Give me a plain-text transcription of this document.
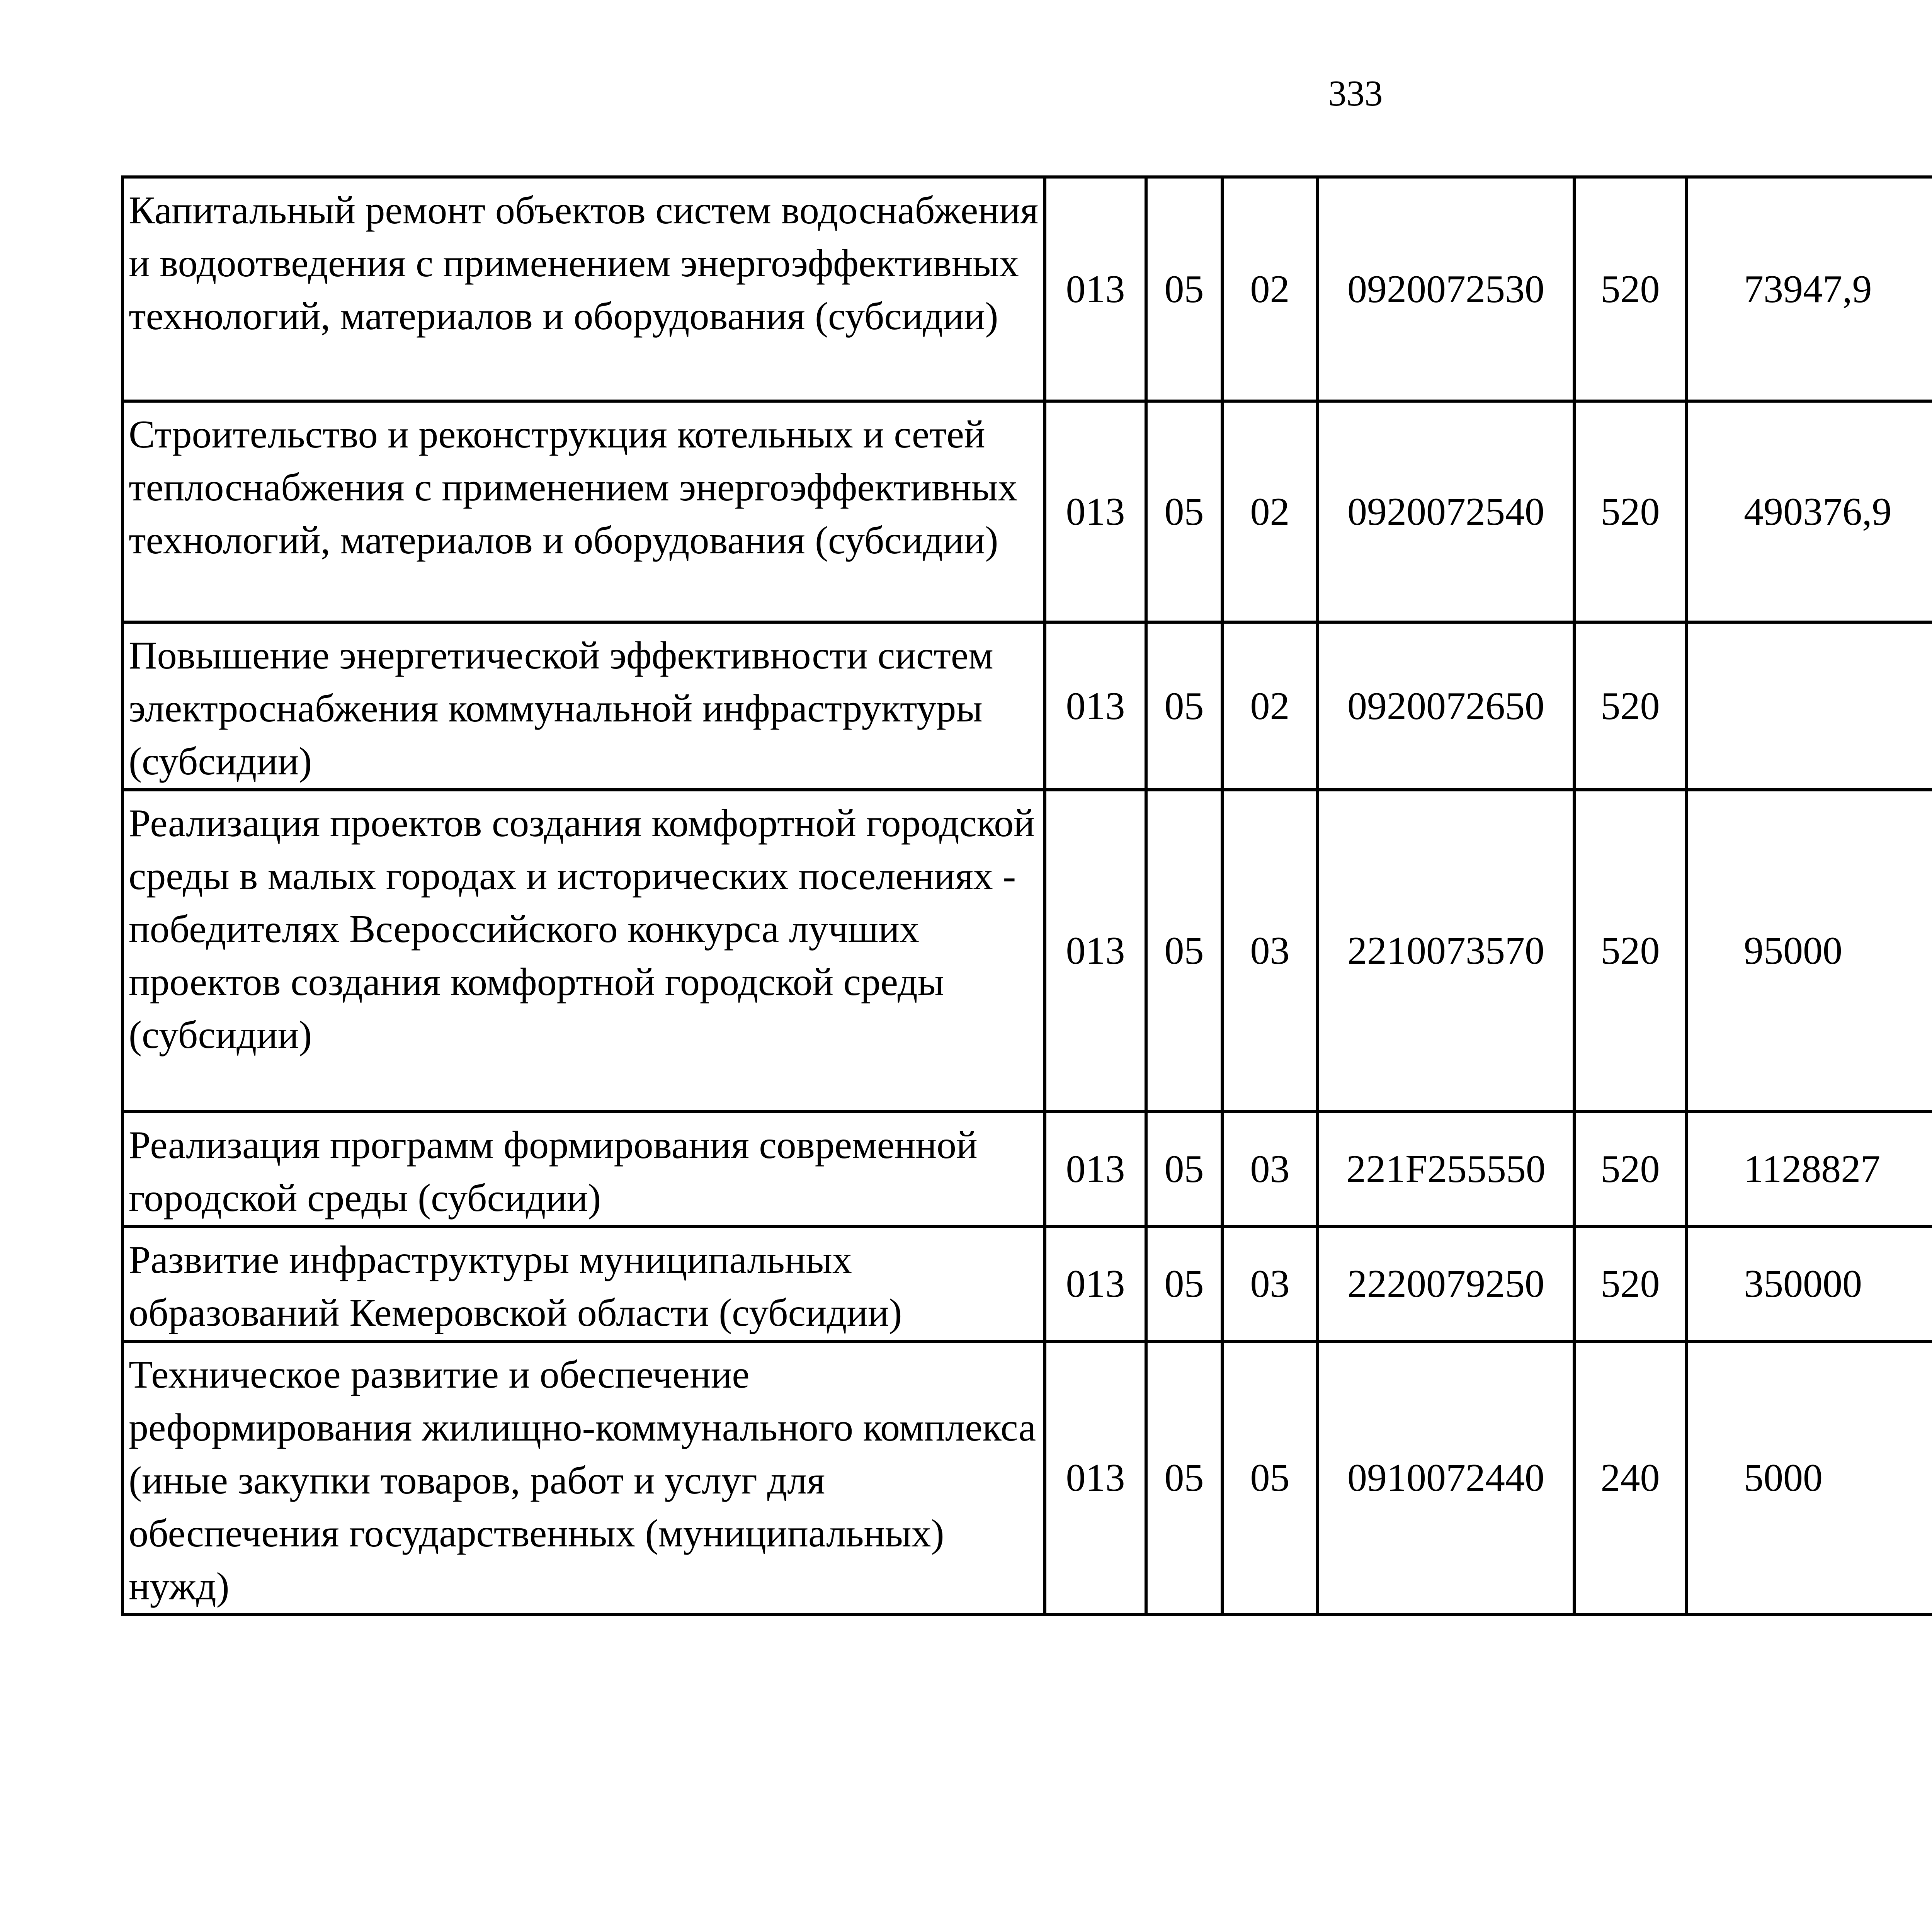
333
Капитальный ремонт объектов систем водоснабжения и водоотведения с применением энергоэффективных технологий, материалов и оборудования (субсидии)	013	05	02	0920072530	520	73947,9		
Строительство и реконструкция котельных и сетей теплоснабжения с применением энергоэффективных технологий, материалов и оборудования (субсидии)	013	05	02	0920072540	520	490376,9		
Повышение энергетической эффективности систем электроснабжения коммунальной инфраструктуры (субсидии)	013	05	02	0920072650	520			
Реализация проектов создания комфортной городской среды в малых городах и исторических поселениях - победителях Всероссийского конкурса лучших проектов создания комфортной городской среды (субсидии)	013	05	03	2210073570	520	95000		
Реализация программ формирования современной городской среды (субсидии)	013	05	03	221F255550	520	1128827		
Развитие инфраструктуры муниципальных образований Кемеровской области (субсидии)	013	05	03	2220079250	520	350000		
Техническое развитие и обеспечение реформирования жилищно-коммунального комплекса (иные закупки товаров, работ и услуг для обеспечения государственных (муниципальных) нужд)	013	05	05	0910072440	240	5000		
